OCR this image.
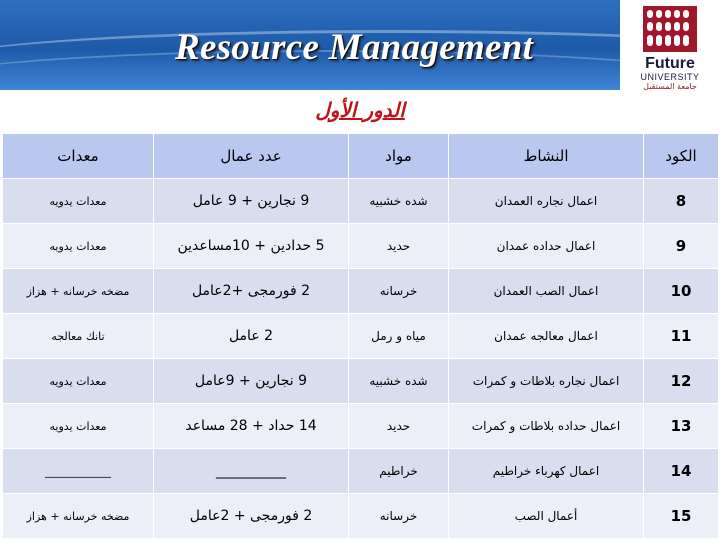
Resource Management	Future
UNIVERSITY
جامعة المستقبل
الدور الأول
الكود	النشاط	مواد	عدد عمال	معدات
8	اعمال نجاره العمدان	شده خشبيه	9 نجارين + 9 عامل	معدات يدويه
9	اعمال حداده عمدان	حديد	5 حدادين + 10مساعدين	معدات يدويه
10	اعمال الصب العمدان	خرسانه	2 فورمجى +2عامل	مضخه خرسانه + هزاز
11	اعمال معالجه عمدان	مياه و رمل	2 عامل	تانك معالجه
12	اعمال نجاره بلاطات و كمرات	شده خشبيه	9 نجارين + 9عامل	معدات يدويه
13	اعمال حداده بلاطات و كمرات	حديد	14 حداد + 28 مساعد	معدات يدويه
14	اعمال كهرباء خراطيم	خراطيم	__________	____________
15	أعمال الصب	خرسانه	2 فورمجى + 2عامل	مضخه خرسانه + هزاز
